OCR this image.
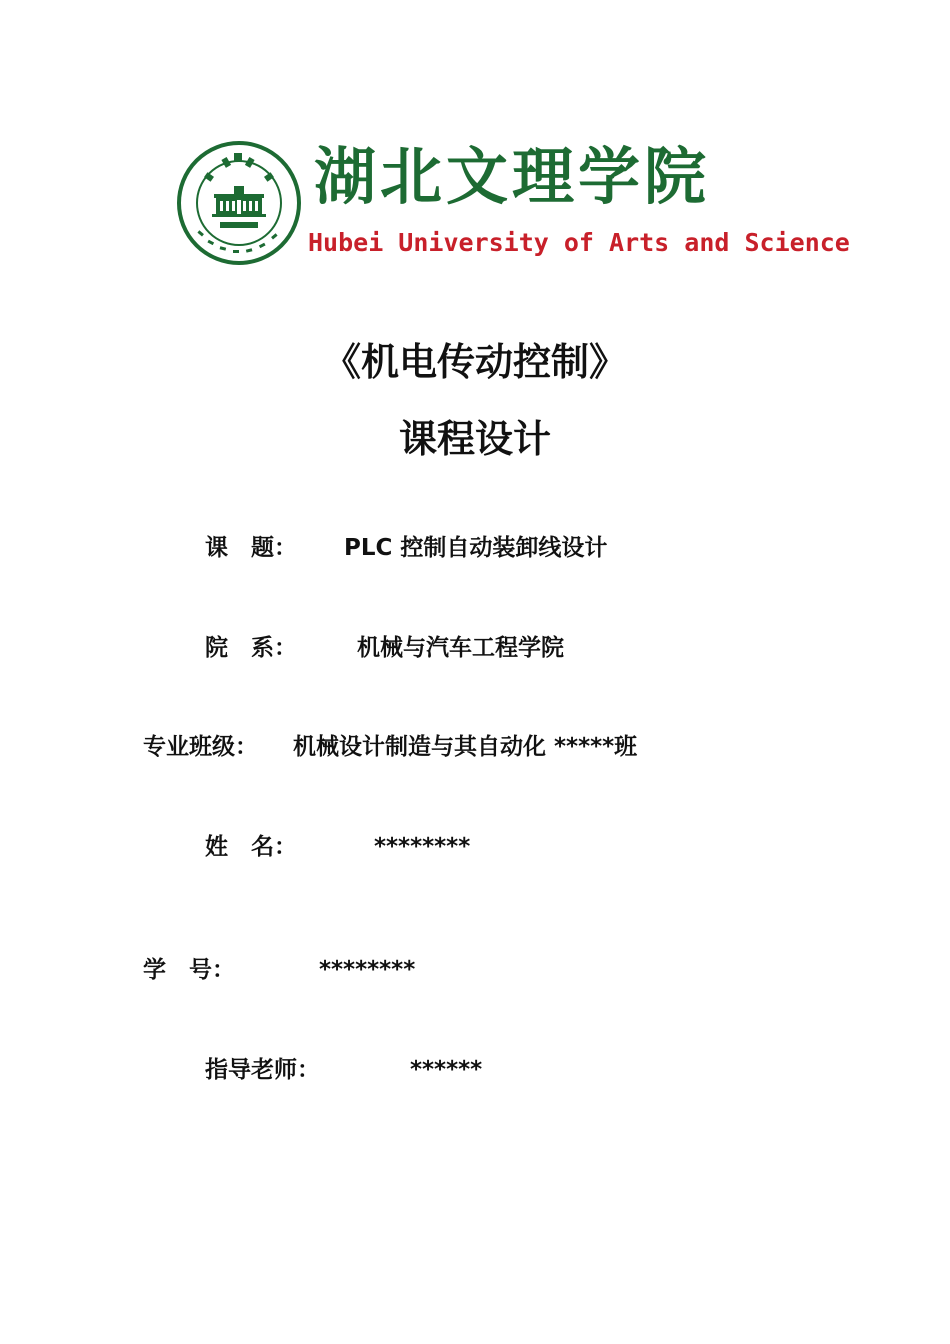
湖北文理学院
Hubei University of Arts and Science
《机电传动控制》
课程设计
课　题： PLC 控制自动装卸线设计
院　系：	机械与汽车工程学院
专业班级： 机械设计制造与其自动化 *****班
姓　名：	********
学　号：	********
指导老师：	******
